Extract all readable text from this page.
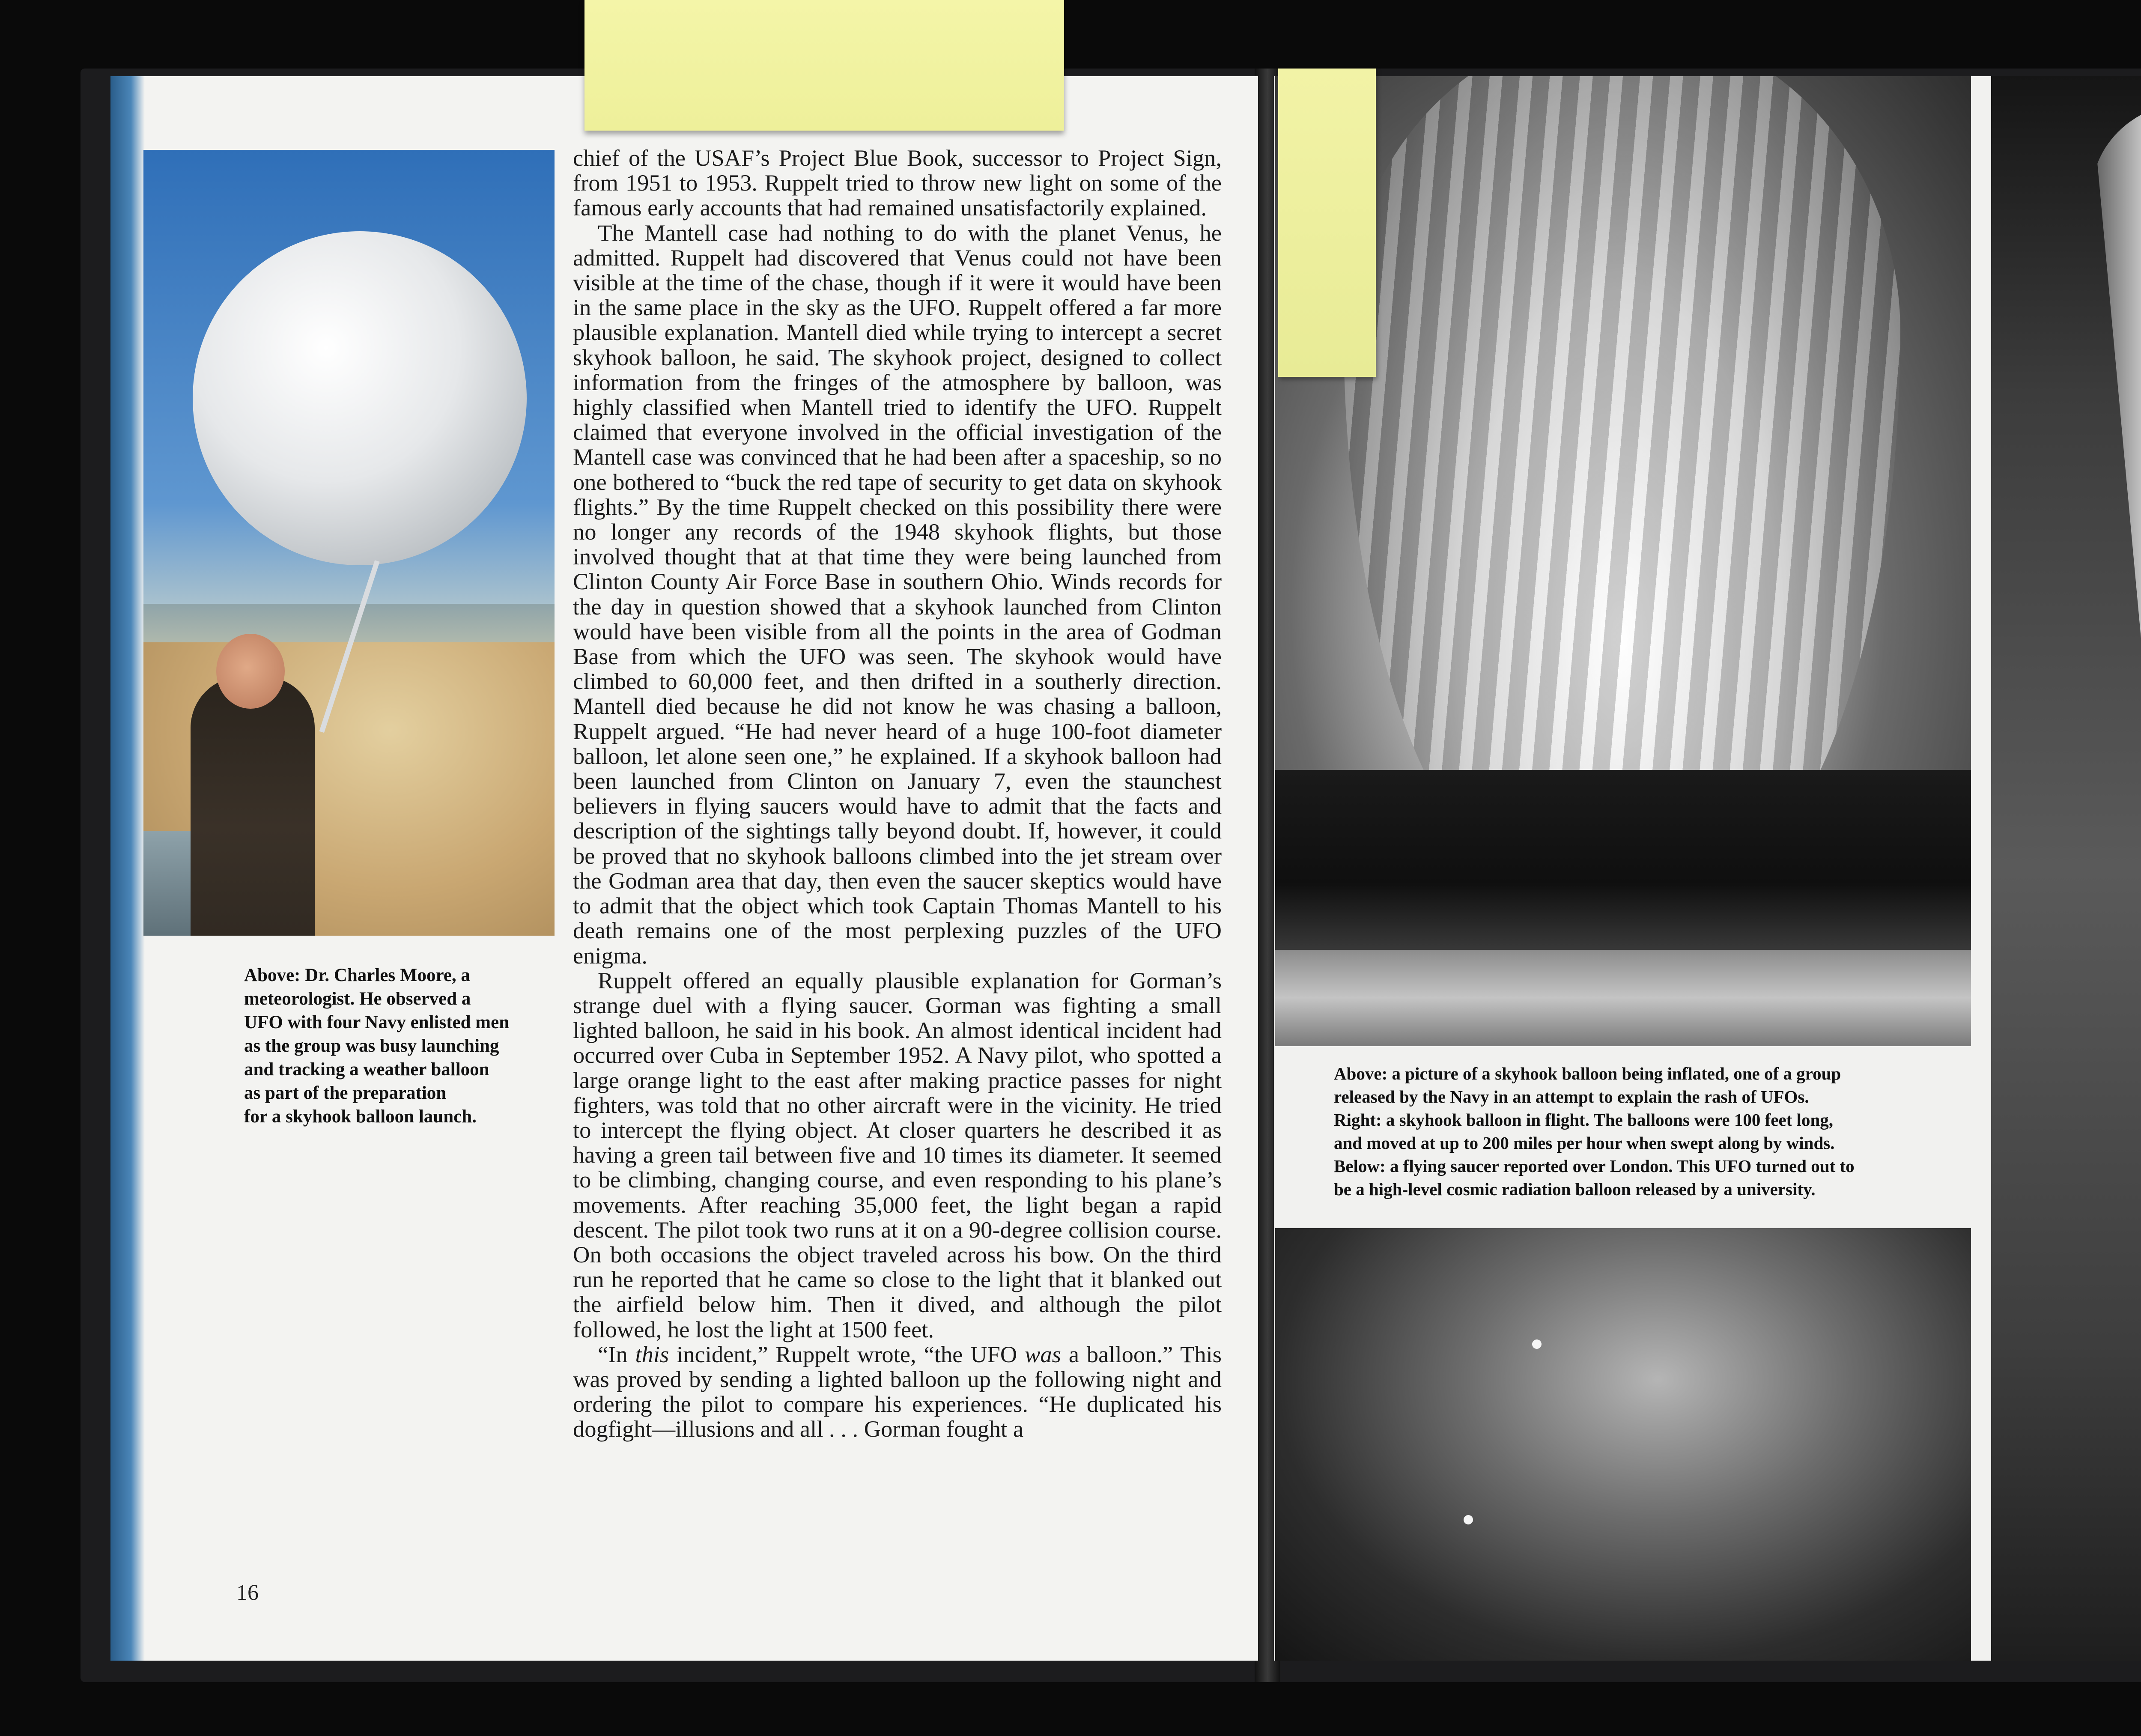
Above: Dr. Charles Moore, a
meteorologist. He observed a
UFO with four Navy enlisted men
as the group was busy launching
and tracking a weather balloon
as part of the preparation
for a skyhook balloon launch.

chief of the USAF’s Project Blue Book, successor to Project Sign, from 1951 to 1953. Ruppelt tried to throw new light on some of the famous early accounts that had remained unsatisfactorily explained.

The Mantell case had nothing to do with the planet Venus, he admitted. Ruppelt had discovered that Venus could not have been visible at the time of the chase, though if it were it would have been in the same place in the sky as the UFO. Ruppelt offered a far more plausible explanation. Mantell died while trying to intercept a secret skyhook balloon, he said. The skyhook project, designed to collect information from the fringes of the atmosphere by balloon, was highly classified when Mantell tried to identify the UFO. Ruppelt claimed that everyone involved in the official investigation of the Mantell case was convinced that he had been after a spaceship, so no one bothered to “buck the red tape of security to get data on skyhook flights.” By the time Ruppelt checked on this possibility there were no longer any records of the 1948 skyhook flights, but those involved thought that at that time they were being launched from Clinton County Air Force Base in southern Ohio. Winds records for the day in question showed that a skyhook launched from Clinton would have been visible from all the points in the area of Godman Base from which the UFO was seen. The skyhook would have climbed to 60,000 feet, and then drifted in a southerly direction. Mantell died because he did not know he was chasing a balloon, Ruppelt argued. “He had never heard of a huge 100-foot diameter balloon, let alone seen one,” he explained. If a skyhook balloon had been launched from Clinton on January 7, even the staunchest believers in flying saucers would have to admit that the facts and description of the sightings tally beyond doubt. If, however, it could be proved that no skyhook balloons climbed into the jet stream over the Godman area that day, then even the saucer skeptics would have to admit that the object which took Captain Thomas Mantell to his death remains one of the most perplexing puzzles of the UFO enigma.

Ruppelt offered an equally plausible explanation for Gorman’s strange duel with a flying saucer. Gorman was fighting a small lighted balloon, he said in his book. An almost identical incident had occurred over Cuba in September 1952. A Navy pilot, who spotted a large orange light to the east after making practice passes for night fighters, was told that no other aircraft were in the vicinity. He tried to intercept the flying object. At closer quarters he described it as having a green tail between five and 10 times its diameter. It seemed to be climbing, changing course, and even responding to his plane’s movements. After reaching 35,000 feet, the light began a rapid descent. The pilot took two runs at it on a 90-degree collision course. On both occasions the object traveled across his bow. On the third run he reported that he came so close to the light that it blanked out the airfield below him. Then it dived, and although the pilot followed, he lost the light at 1500 feet.

“In this incident,” Ruppelt wrote, “the UFO was a balloon.” This was proved by sending a lighted balloon up the following night and ordering the pilot to compare his experiences. “He duplicated his dogfight—illusions and all . . . Gorman fought a

16
Above: a picture of a skyhook balloon being inflated, one of a group
released by the Navy in an attempt to explain the rash of UFOs.
Right: a skyhook balloon in flight. The balloons were 100 feet long,
and moved at up to 200 miles per hour when swept along by winds.
Below: a flying saucer reported over London. This UFO turned out to
be a high-level cosmic radiation balloon released by a university.
